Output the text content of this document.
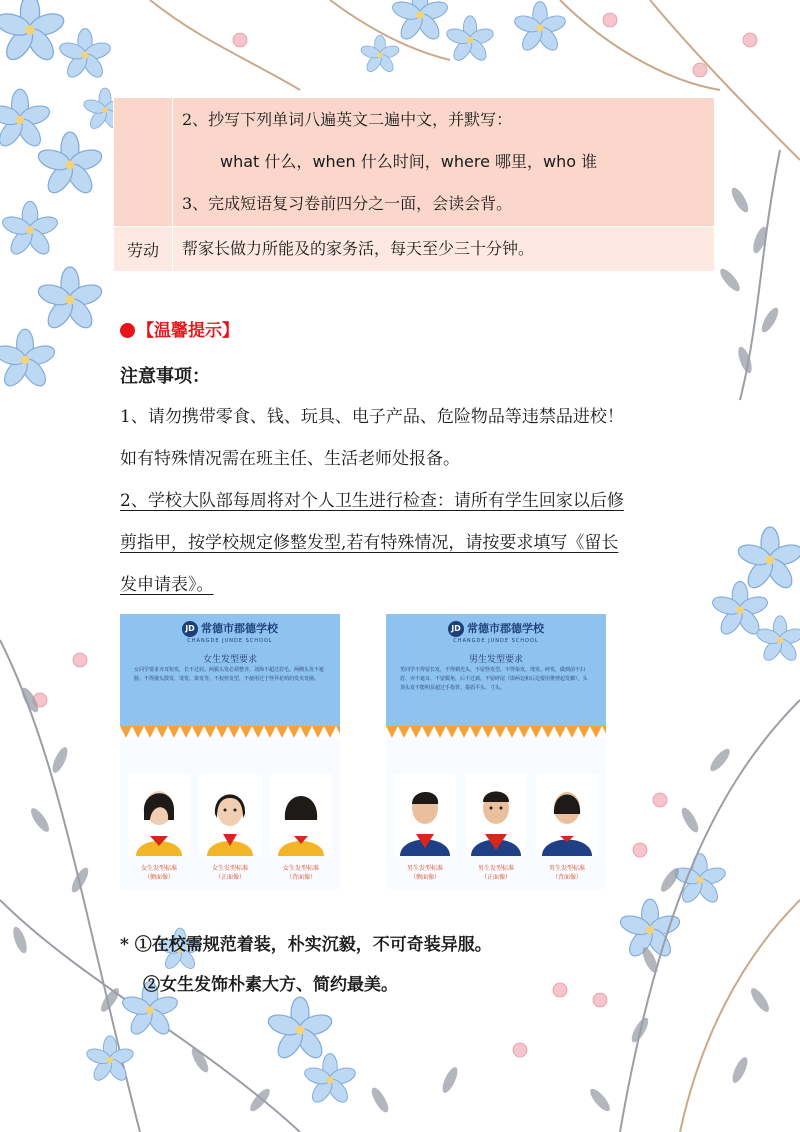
	2、抄写下列单词八遍英文二遍中文，并默写：
what 什么，when 什么时间，where 哪里，who 谁
3、完成短语复习卷前四分之一面，会读会背。

劳动	帮家长做力所能及的家务活，每天至少三十分钟。
【温馨提示】
注意事项：
1、请勿携带零食、钱、玩具、电子产品、危险物品等违禁品进校！
如有特殊情况需在班主任、生活老师处报备。
2、学校大队部每周将对个人卫生进行检查：请所有学生回家以后修
剪指甲，按学校规定修整发型,若有特殊情况，请按要求填写《留长
发申请表》。
JD 常德市郡德学校
CHANGDE JUNDE SCHOOL
女生发型要求
女同学要求齐耳短发，长不过肩。两鬓头发必须整齐，刘海不超过眉毛。两侧头发不遮脸。不得披头散发、烫发、染发等。不校怪发型，不使用过于怪异花哨的发夹发圈。
女生发型标准
（侧面像）
女生发型标准
（正面像）
女生发型标准
（背面像）
JD 常德市郡德学校
CHANGDE JUNDE SCHOOL
男生发型要求
男同学不得留长发，不得剃光头，不留怪发型，不得染发、烫发、碎发，做到前不扫眉、旁不遮耳、不留鬓角，后不过颈，不留碎尾（即两边和后边要用推剪起发脚），头顶头发不能明显超过手指背。提倡平头、寸头。
男生发型标准
（侧面像）
男生发型标准
（正面像）
男生发型标准
（背面像）
* ①在校需规范着装，朴实沉毅，不可奇装异服。
②女生发饰朴素大方、简约最美。
